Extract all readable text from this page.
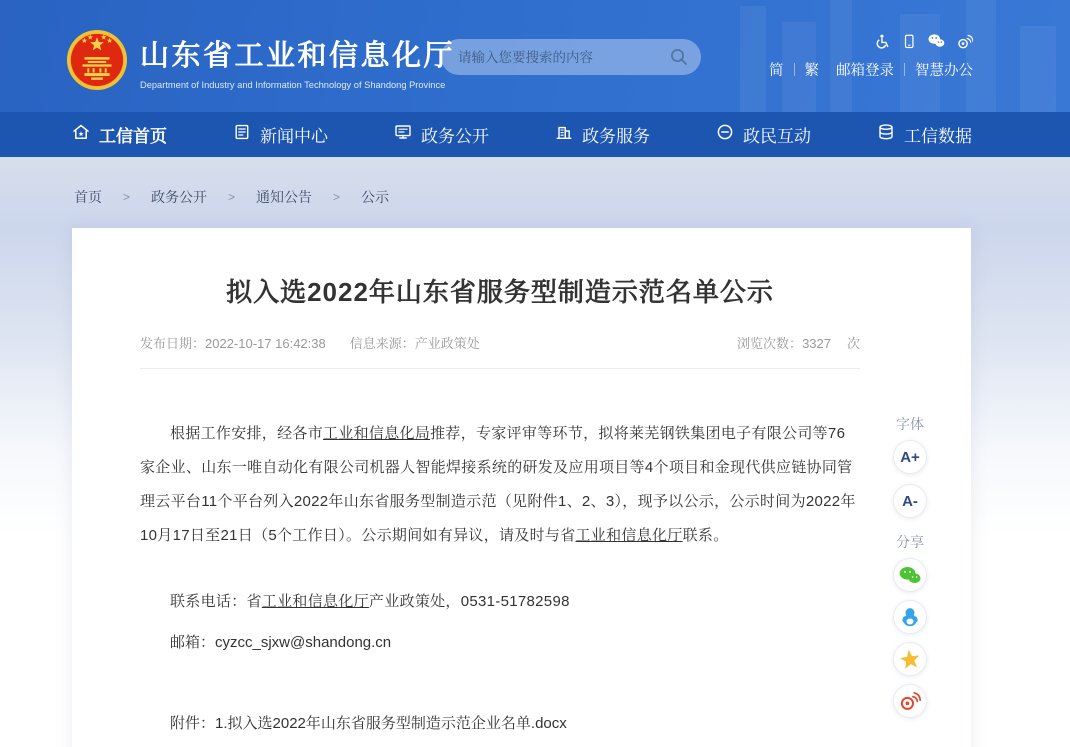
山东省工业和信息化厅
Department of Industry and Information Technology of Shandong Province
请输入您要搜索的内容
简 繁 邮箱登录 智慧办公
工信首页	新闻中心	政务公开	政务服务	政民互动	工信数据
首页 > 政务公开 > 通知公告 > 公示
拟入选2022年山东省服务型制造示范名单公示
发布日期： 2022-10-17 16:42:38 信息来源： 产业政策处	浏览次数： 3327 次

根据工作安排，经各市工业和信息化局推荐，专家评审等环节，拟将莱芜钢铁集团电子有限公司等76家企业、山东一唯自动化有限公司机器人智能焊接系统的研发及应用项目等4个项目和金现代供应链协同管理云平台11个平台列入2022年山东省服务型制造示范（见附件1、2、3），现予以公示，公示时间为2022年10月17日至21日（5个工作日）。公示期间如有异议，请及时与省工业和信息化厅联系。

联系电话：省工业和信息化厅产业政策处，0531-51782598

邮箱：cyzcc_sjxw@shandong.cn

附件：1.拟入选2022年山东省服务型制造示范企业名单.docx

字体
A+
A-
分享
